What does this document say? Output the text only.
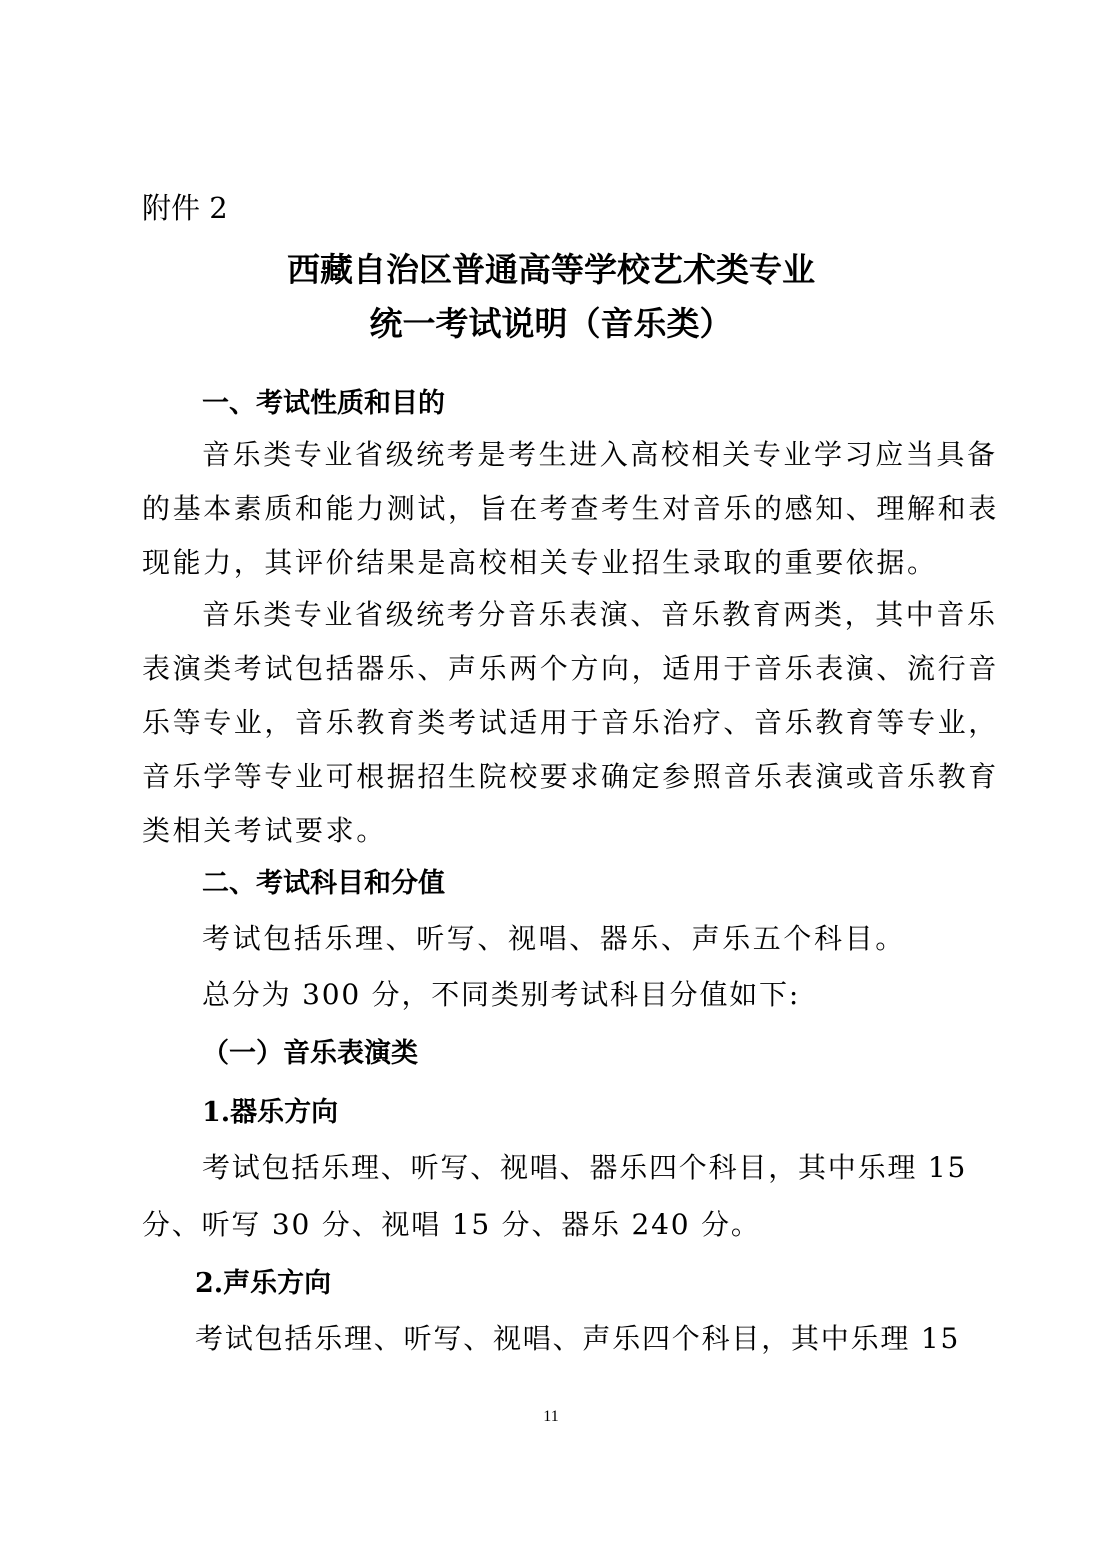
附件 2
西藏自治区普通高等学校艺术类专业
统一考试说明（音乐类）
一、考试性质和目的
音乐类专业省级统考是考生进入高校相关专业学习应当具备
的基本素质和能力测试，旨在考查考生对音乐的感知、理解和表
现能力，其评价结果是高校相关专业招生录取的重要依据。
音乐类专业省级统考分音乐表演、音乐教育两类，其中音乐
表演类考试包括器乐、声乐两个方向，适用于音乐表演、流行音
乐等专业，音乐教育类考试适用于音乐治疗、音乐教育等专业，
音乐学等专业可根据招生院校要求确定参照音乐表演或音乐教育
类相关考试要求。
二、考试科目和分值
考试包括乐理、听写、视唱、器乐、声乐五个科目。
总分为 300 分，不同类别考试科目分值如下:
（一）音乐表演类
1.器乐方向
考试包括乐理、听写、视唱、器乐四个科目，其中乐理 15
分、听写 30 分、视唱 15 分、器乐 240 分。
2.声乐方向
考试包括乐理、听写、视唱、声乐四个科目，其中乐理 15
11
